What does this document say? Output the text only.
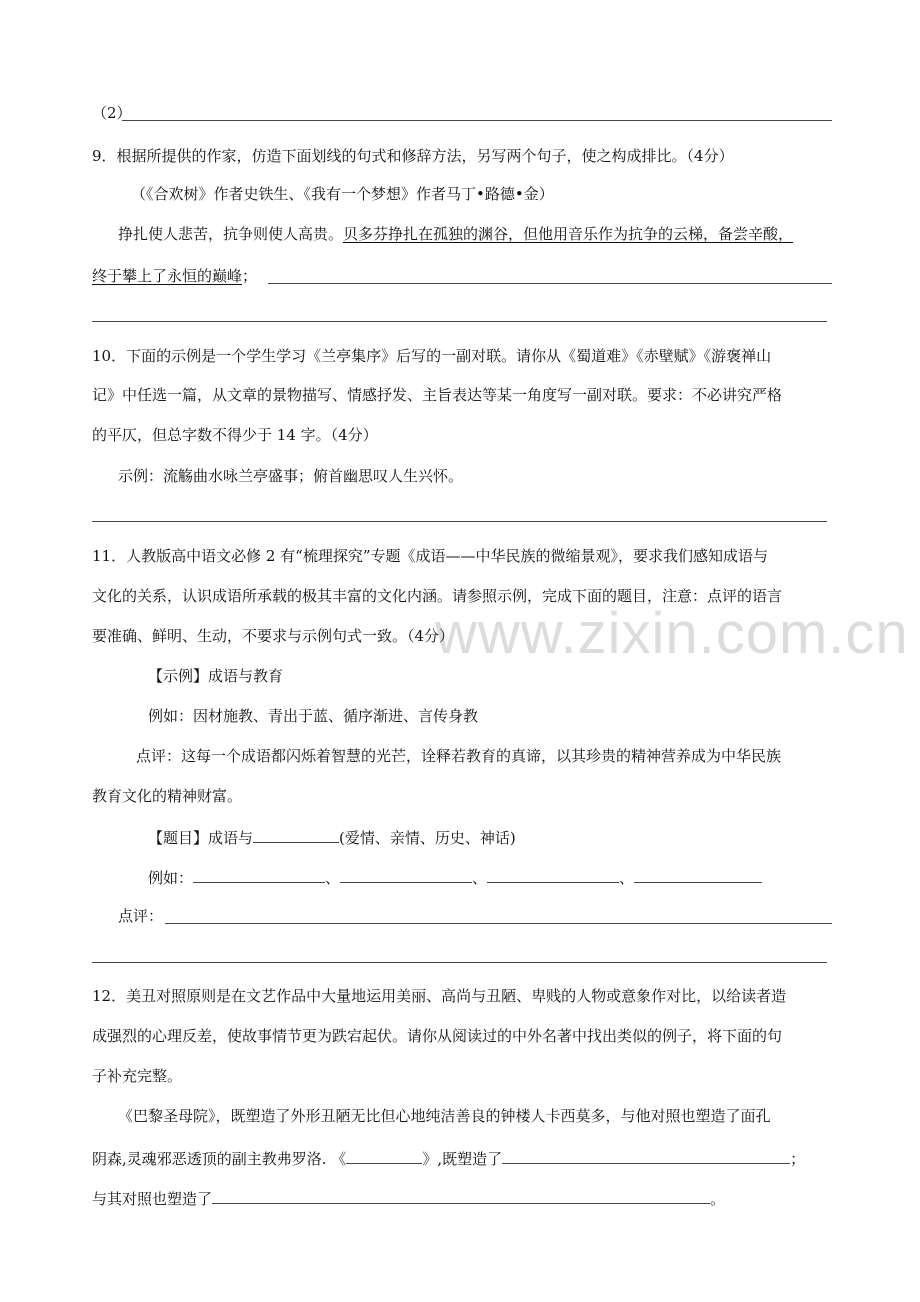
www.zixin.com.cn
（2）
9．根据所提供的作家，仿造下面划线的句式和修辞方法，另写两个句子，使之构成排比。（4分）
（《合欢树》作者史铁生、《我有一个梦想》作者马丁•路德•金）
挣扎使人悲苦，抗争则使人高贵。贝多芬挣扎在孤独的渊谷，但他用音乐作为抗争的云梯，备尝辛酸，
终于攀上了永恒的巅峰；
10．下面的示例是一个学生学习《兰亭集序》后写的一副对联。请你从《蜀道难》《赤壁赋》《游褒禅山
记》中任选一篇，从文章的景物描写、情感抒发、主旨表达等某一角度写一副对联。要求：不必讲究严格
的平仄，但总字数不得少于 14 字。（4分）
示例：流觞曲水咏兰亭盛事；俯首幽思叹人生兴怀。
11．人教版高中语文必修 2 有“梳理探究”专题《成语——中华民族的微缩景观》，要求我们感知成语与
文化的关系，认识成语所承载的极其丰富的文化内涵。请参照示例，完成下面的题目，注意：点评的语言
要准确、鲜明、生动，不要求与示例句式一致。（4分）
【示例】成语与教育
例如：因材施教、青出于蓝、循序渐进、言传身教
点评：这每一个成语都闪烁着智慧的光芒，诠释若教育的真谛，以其珍贵的精神营养成为中华民族
教育文化的精神财富。
【题目】成语与	(爱情、亲情、历史、神话)
例如：	、	、	、
点评：
12．美丑对照原则是在文艺作品中大量地运用美丽、高尚与丑陋、卑贱的人物或意象作对比，以给读者造
成强烈的心理反差，使故事情节更为跌宕起伏。请你从阅读过的中外名著中找出类似的例子，将下面的句
子补充完整。
《巴黎圣母院》，既塑造了外形丑陋无比但心地纯洁善良的钟楼人卡西莫多，与他对照也塑造了面孔
阴森,灵魂邪恶透顶的副主教弗罗洛. 《	》,既塑造了	；
与其对照也塑造了	。
